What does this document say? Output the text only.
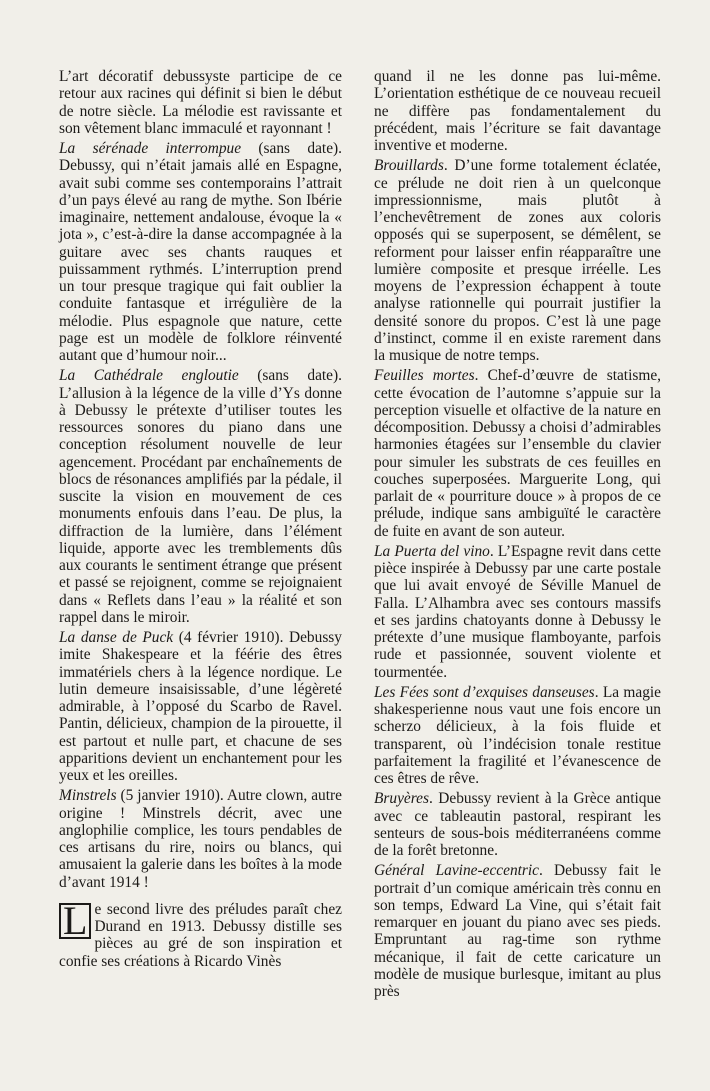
L’art décoratif debussyste participe de ce retour aux racines qui définit si bien le début de notre siècle. La mélodie est ravissante et son vêtement blanc immaculé et rayonnant !

La sérénade interrompue (sans date). Debussy, qui n’était jamais allé en Espagne, avait subi comme ses contemporains l’attrait d’un pays élevé au rang de mythe. Son Ibérie imaginaire, nettement andalouse, évoque la « jota », c’est-à-dire la danse accompagnée à la guitare avec ses chants rauques et puissamment rythmés. L’interruption prend un tour presque tragique qui fait oublier la conduite fantasque et irrégulière de la mélodie. Plus espagnole que nature, cette page est un modèle de folklore réinventé autant que d’humour noir...

La Cathédrale engloutie (sans date). L’allusion à la légence de la ville d’Ys donne à Debussy le prétexte d’utiliser toutes les ressources sonores du piano dans une conception résolument nouvelle de leur agencement. Procédant par enchaînements de blocs de résonances amplifiés par la pédale, il suscite la vision en mouvement de ces monuments enfouis dans l’eau. De plus, la diffraction de la lumière, dans l’élément liquide, apporte avec les tremblements dûs aux courants le sentiment étrange que présent et passé se rejoignent, comme se rejoignaient dans « Reflets dans l’eau » la réalité et son rappel dans le miroir.

La danse de Puck (4 février 1910). Debussy imite Shakespeare et la féérie des êtres immatériels chers à la légence nordique. Le lutin demeure insaisissable, d’une légèreté admirable, à l’opposé du Scarbo de Ravel. Pantin, délicieux, champion de la pirouette, il est partout et nulle part, et chacune de ses apparitions devient un enchantement pour les yeux et les oreilles.

Minstrels (5 janvier 1910). Autre clown, autre origine ! Minstrels décrit, avec une anglophilie complice, les tours pendables de ces artisans du rire, noirs ou blancs, qui amusaient la galerie dans les boîtes à la mode d’avant 1914 !

L e second livre des préludes paraît chez Durand en 1913. Debussy distille ses pièces au gré de son inspiration et confie ses créations à Ricardo Vinès

quand il ne les donne pas lui-même. L’orientation esthétique de ce nouveau recueil ne diffère pas fondamentalement du précédent, mais l’écriture se fait davantage inventive et moderne.

Brouillards. D’une forme totalement éclatée, ce prélude ne doit rien à un quelconque impressionnisme, mais plutôt à l’enchevêtrement de zones aux coloris opposés qui se superposent, se démêlent, se reforment pour laisser enfin réapparaître une lumière composite et presque irréelle. Les moyens de l’expression échappent à toute analyse rationnelle qui pourrait justifier la densité sonore du propos. C’est là une page d’instinct, comme il en existe rarement dans la musique de notre temps.

Feuilles mortes. Chef-d’œuvre de statisme, cette évocation de l’automne s’appuie sur la perception visuelle et olfactive de la nature en décomposition. Debussy a choisi d’admirables harmonies étagées sur l’ensemble du clavier pour simuler les substrats de ces feuilles en couches superposées. Marguerite Long, qui parlait de « pourriture douce » à propos de ce prélude, indique sans ambiguïté le caractère de fuite en avant de son auteur.

La Puerta del vino. L’Espagne revit dans cette pièce inspirée à Debussy par une carte postale que lui avait envoyé de Séville Manuel de Falla. L’Alhambra avec ses contours massifs et ses jardins chatoyants donne à Debussy le prétexte d’une musique flamboyante, parfois rude et passionnée, souvent violente et tourmentée.

Les Fées sont d’exquises danseuses. La magie shakesperienne nous vaut une fois encore un scherzo délicieux, à la fois fluide et transparent, où l’indécision tonale restitue parfaitement la fragilité et l’évanescence de ces êtres de rêve.

Bruyères. Debussy revient à la Grèce antique avec ce tableautin pastoral, respirant les senteurs de sous-bois méditerranéens comme de la forêt bretonne.

Général Lavine-eccentric. Debussy fait le portrait d’un comique américain très connu en son temps, Edward La Vine, qui s’était fait remarquer en jouant du piano avec ses pieds. Empruntant au rag-time son rythme mécanique, il fait de cette caricature un modèle de musique burlesque, imitant au plus près
